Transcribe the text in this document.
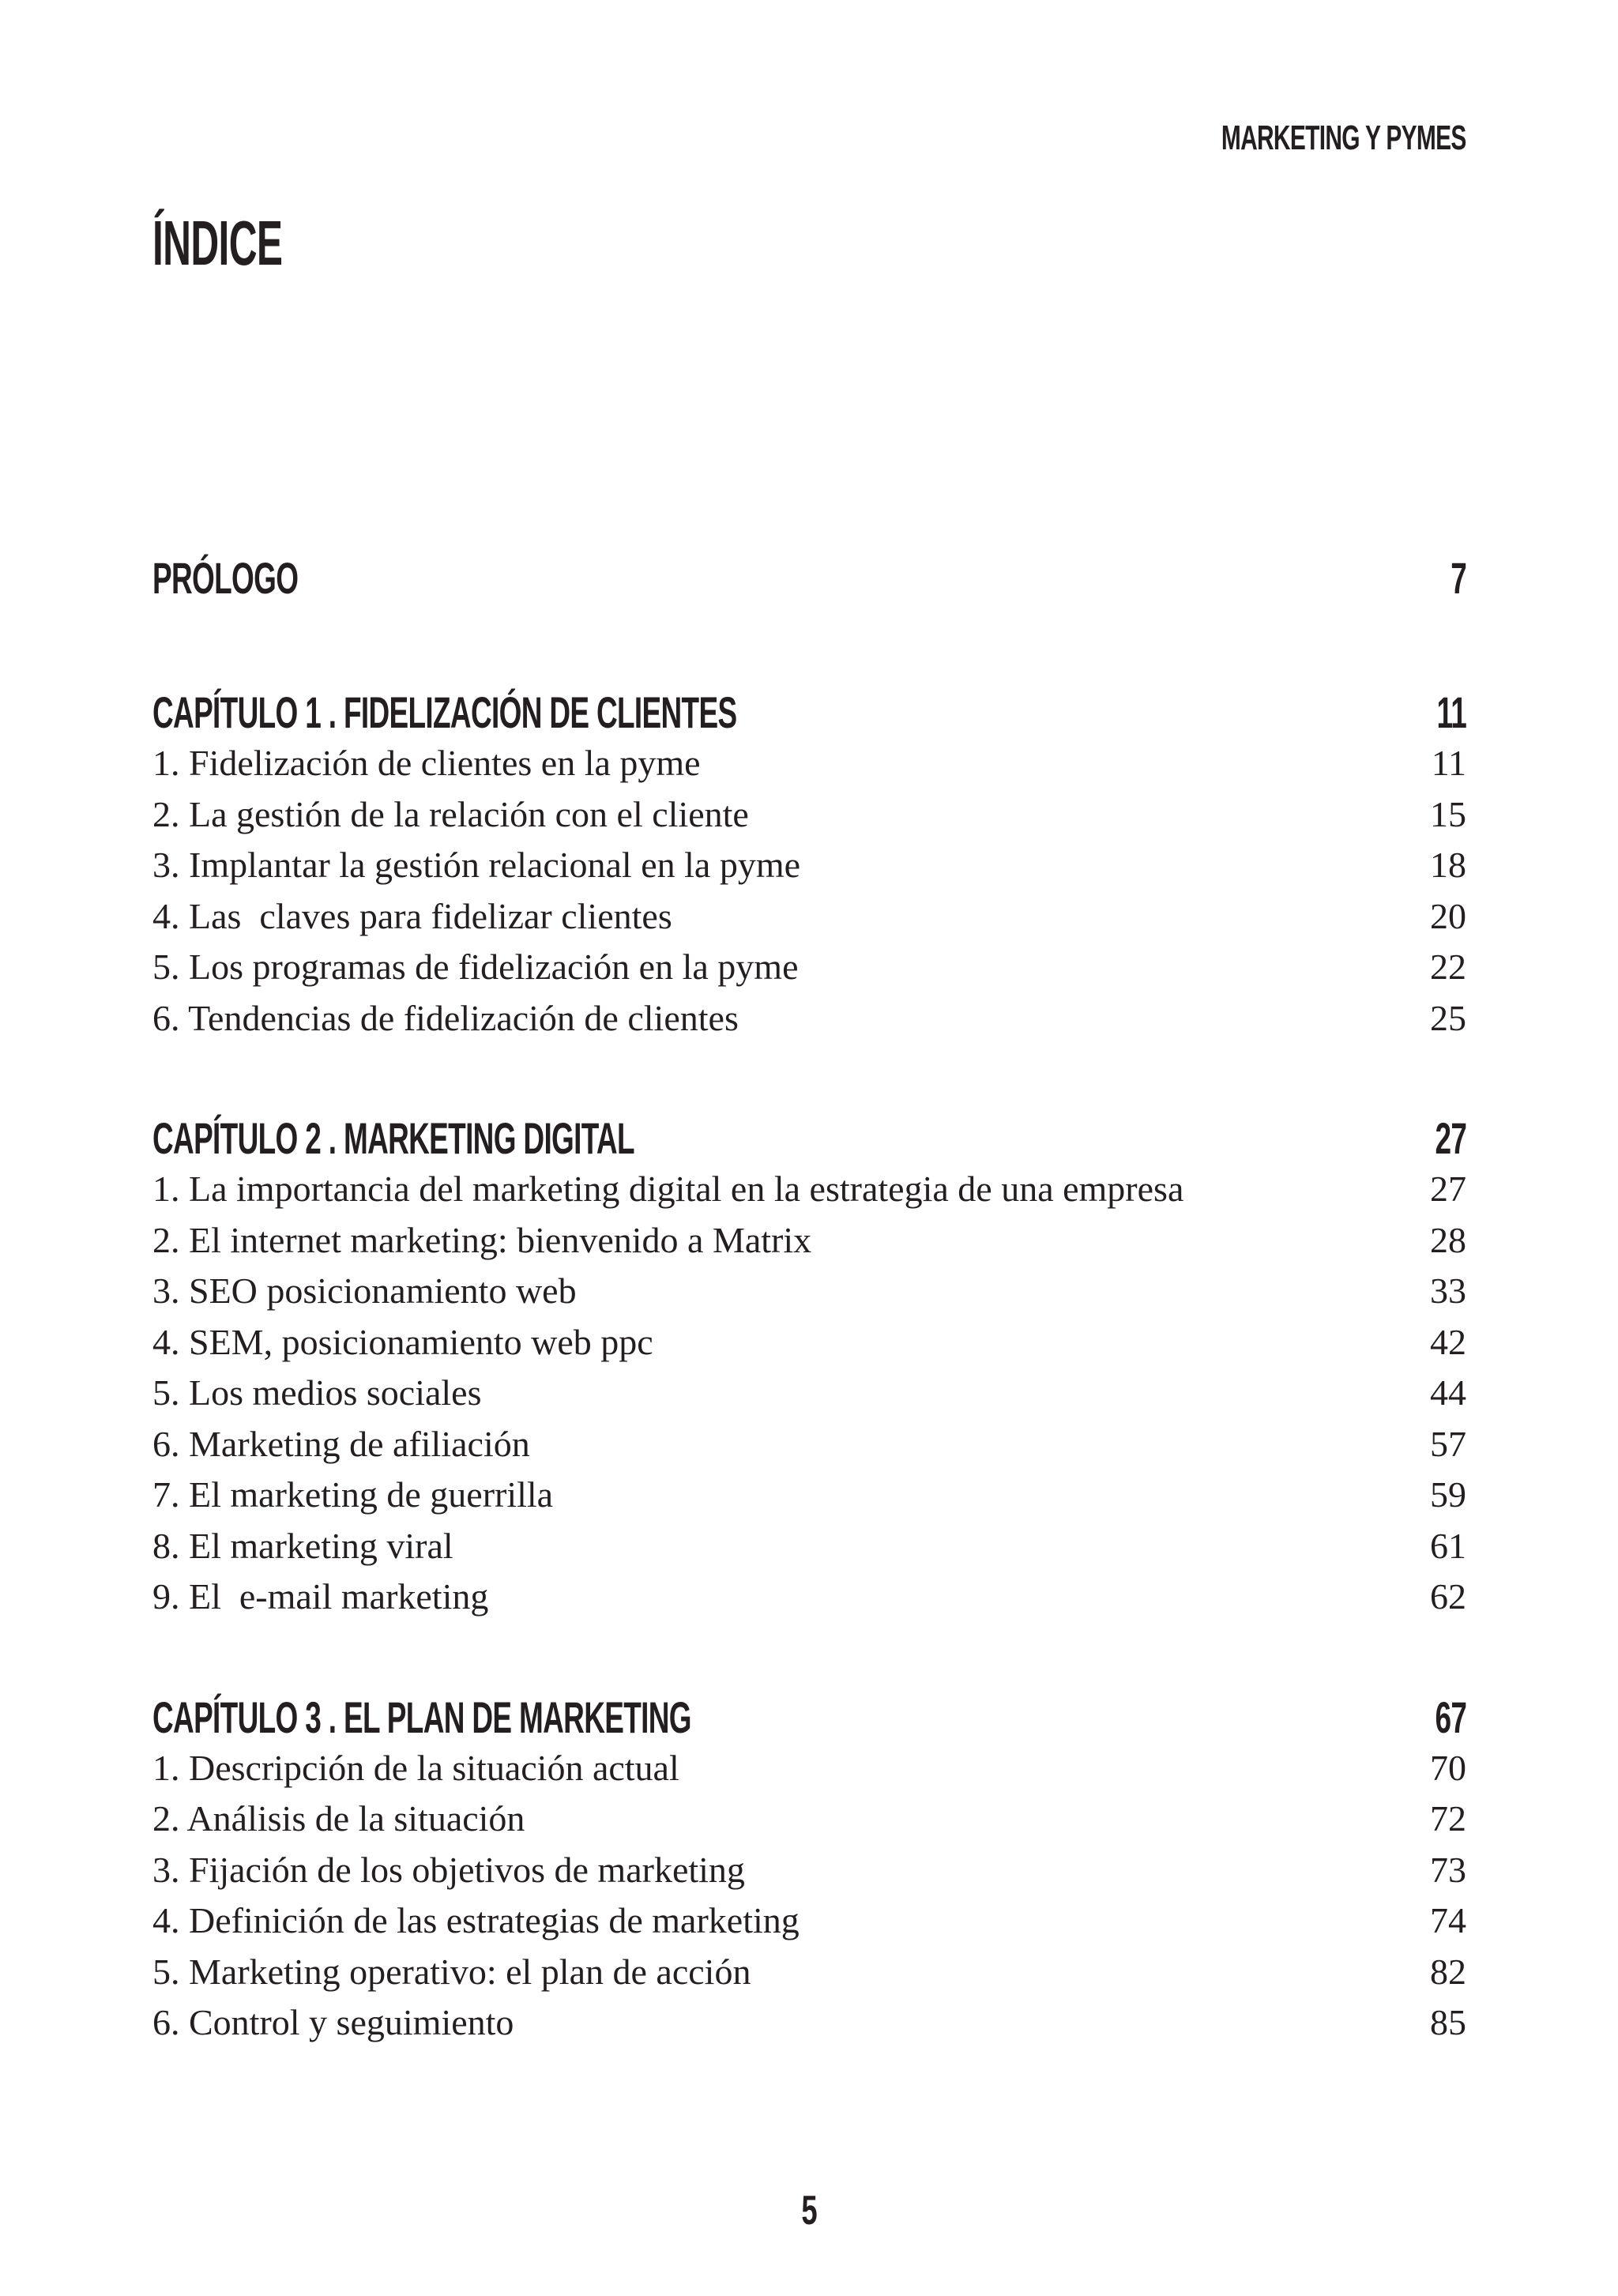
MARKETING Y PYMES
ÍNDICE
PRÓLOGO	7
CAPÍTULO 1 . FIDELIZACIÓN DE CLIENTES	11
1. Fidelización de clientes en la pyme	11
2. La gestión de la relación con el cliente	15
3. Implantar la gestión relacional en la pyme	18
4. Las  claves para fidelizar clientes	20
5. Los programas de fidelización en la pyme	22
6. Tendencias de fidelización de clientes	25
CAPÍTULO 2 . MARKETING DIGITAL	27
1. La importancia del marketing digital en la estrategia de una empresa	27
2. El internet marketing: bienvenido a Matrix	28
3. SEO posicionamiento web	33
4. SEM, posicionamiento web ppc	42
5. Los medios sociales	44
6. Marketing de afiliación	57
7. El marketing de guerrilla	59
8. El marketing viral	61
9. El  e-mail marketing	62
CAPÍTULO 3 . EL PLAN DE MARKETING	67
1. Descripción de la situación actual	70
2. Análisis de la situación	72
3. Fijación de los objetivos de marketing	73
4. Definición de las estrategias de marketing	74
5. Marketing operativo: el plan de acción	82
6. Control y seguimiento	85
5
